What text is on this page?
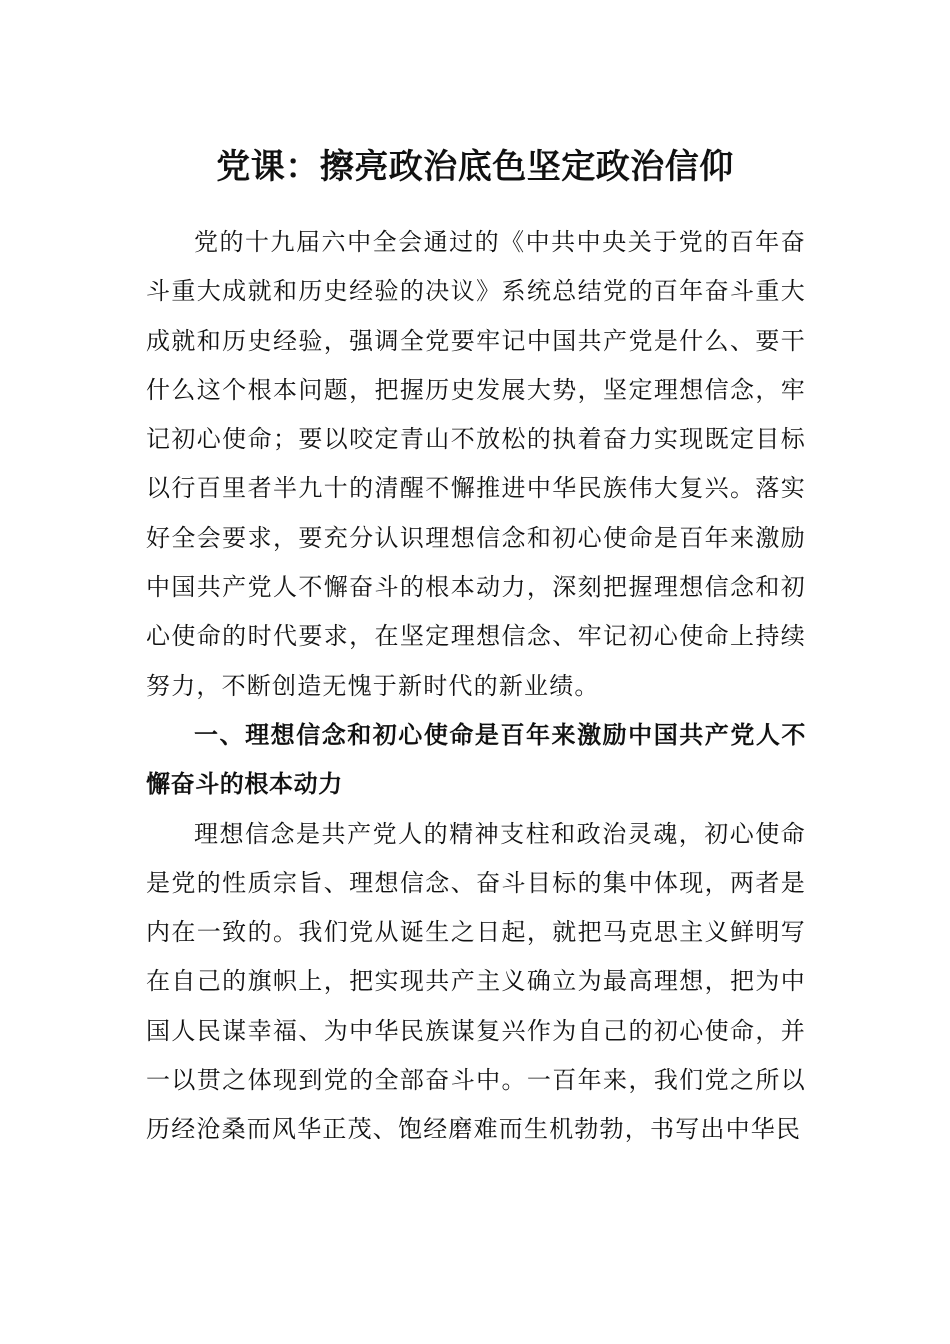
党课：擦亮政治底色坚定政治信仰

党的十九届六中全会通过的《中共中央关于党的百年奋斗重大成就和历史经验的决议》系统总结党的百年奋斗重大成就和历史经验，强调全党要牢记中国共产党是什么、要干什么这个根本问题，把握历史发展大势，坚定理想信念，牢记初心使命；要以咬定青山不放松的执着奋力实现既定目标以行百里者半九十的清醒不懈推进中华民族伟大复兴。落实好全会要求，要充分认识理想信念和初心使命是百年来激励中国共产党人不懈奋斗的根本动力，深刻把握理想信念和初心使命的时代要求，在坚定理想信念、牢记初心使命上持续努力，不断创造无愧于新时代的新业绩。

一、理想信念和初心使命是百年来激励中国共产党人不懈奋斗的根本动力

理想信念是共产党人的精神支柱和政治灵魂，初心使命是党的性质宗旨、理想信念、奋斗目标的集中体现，两者是内在一致的。我们党从诞生之日起，就把马克思主义鲜明写在自己的旗帜上，把实现共产主义确立为最高理想，把为中国人民谋幸福、为中华民族谋复兴作为自己的初心使命，并一以贯之体现到党的全部奋斗中。一百年来，我们党之所以历经沧桑而风华正茂、饱经磨难而生机勃勃，书写出中华民
